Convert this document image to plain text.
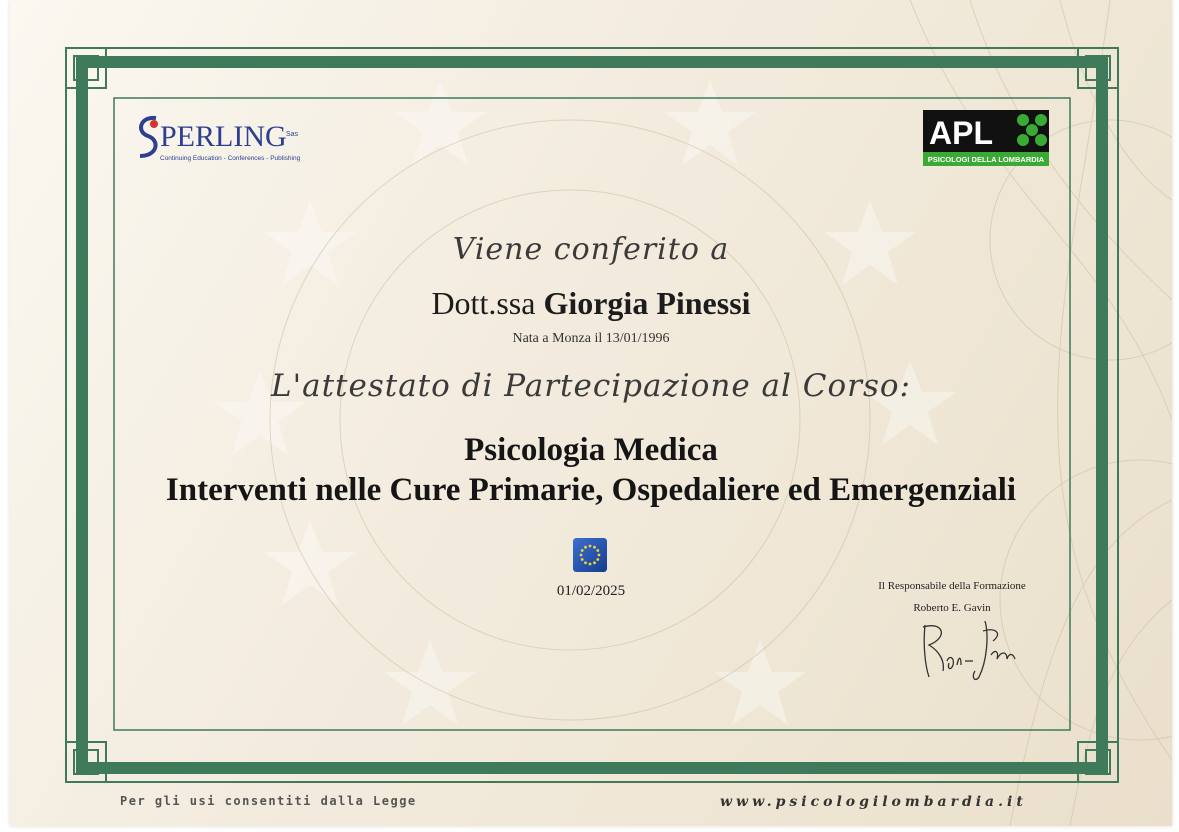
PERLING Sas
Continuing Education - Conferences - Publishing
APL
PSICOLOGI DELLA LOMBARDIA
Viene conferito a
Dott.ssa Giorgia Pinessi
Nata a Monza il 13/01/1996
L'attestato di Partecipazione al Corso:
Psicologia Medica
Interventi nelle Cure Primarie, Ospedaliere ed Emergenziali
01/02/2025	Il Responsabile della Formazione
Roberto E. Gavin
Per gli usi consentiti dalla Legge	www.psicologilombardia.it
